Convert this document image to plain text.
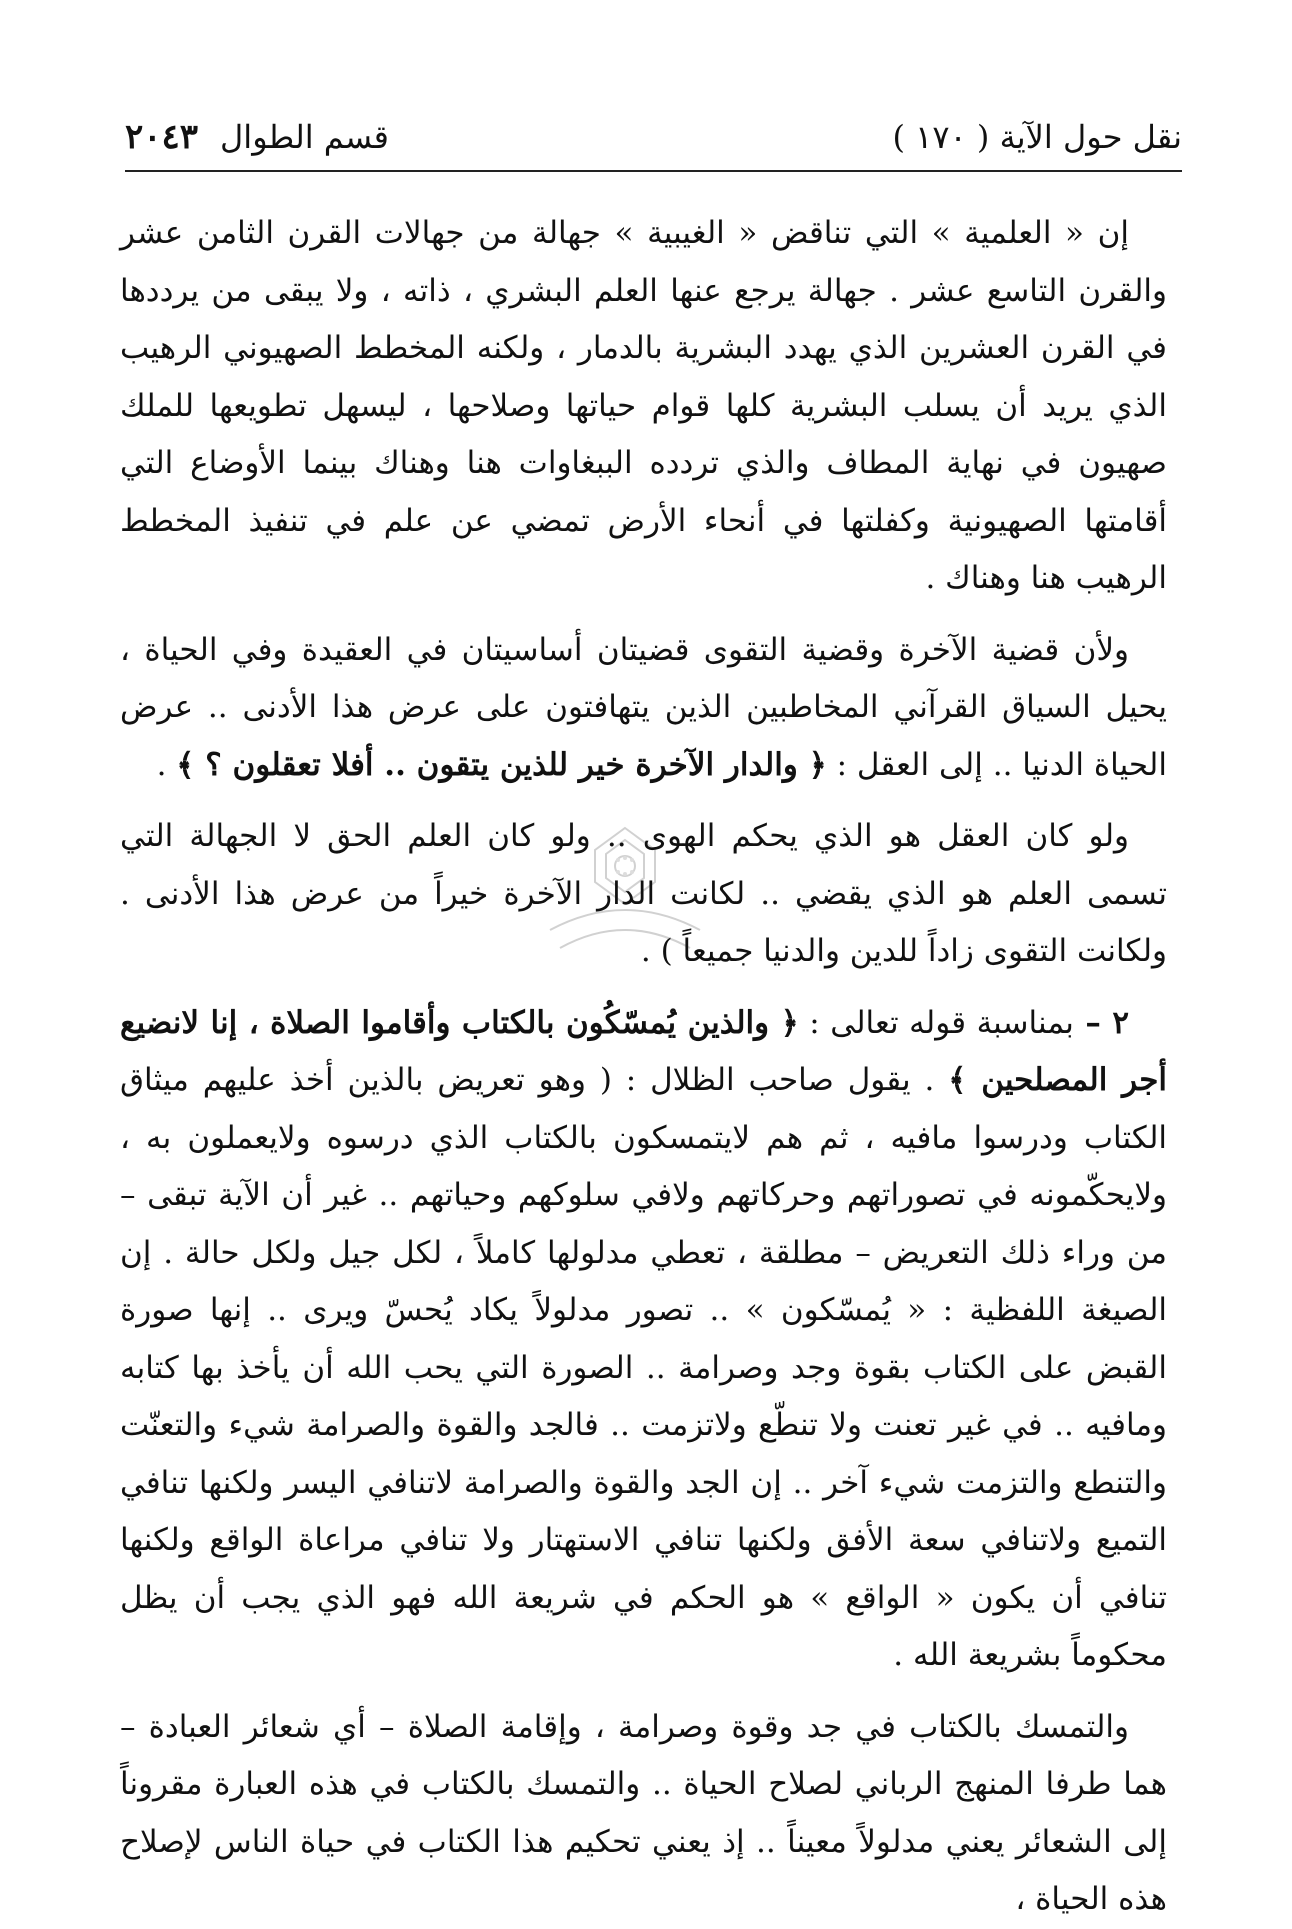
نقل حول الآية ( ١٧٠ )
قسم الطوال
٢٠٤٣

إن « العلمية » التي تناقض « الغيبية » جهالة من جهالات القرن الثامن عشر والقرن التاسع عشر . جهالة يرجع عنها العلم البشري ، ذاته ، ولا يبقى من يرددها في القرن العشرين الذي يهدد البشرية بالدمار ، ولكنه المخطط الصهيوني الرهيب الذي يريد أن يسلب البشرية كلها قوام حياتها وصلاحها ، ليسهل تطويعها للملك صهيون في نهاية المطاف والذي تردده الببغاوات هنا وهناك بينما الأوضاع التي أقامتها الصهيونية وكفلتها في أنحاء الأرض تمضي عن علم في تنفيذ المخطط الرهيب هنا وهناك .

ولأن قضية الآخرة وقضية التقوى قضيتان أساسيتان في العقيدة وفي الحياة ، يحيل السياق القرآني المخاطبين الذين يتهافتون على عرض هذا الأدنى .. عرض الحياة الدنيا .. إلى العقل : ﴿ والدار الآخرة خير للذين يتقون .. أفلا تعقلون ؟ ﴾ .

ولو كان العقل هو الذي يحكم الهوى .. ولو كان العلم الحق لا الجهالة التي تسمى العلم هو الذي يقضي .. لكانت الدار الآخرة خيراً من عرض هذا الأدنى . ولكانت التقوى زاداً للدين والدنيا جميعاً ) .

٢ – بمناسبة قوله تعالى : ﴿ والذين يُمسّكُون بالكتاب وأقاموا الصلاة ، إنا لانضيع أجر المصلحين ﴾ . يقول صاحب الظلال : ( وهو تعريض بالذين أخذ عليهم ميثاق الكتاب ودرسوا مافيه ، ثم هم لايتمسكون بالكتاب الذي درسوه ولايعملون به ، ولايحكّمونه في تصوراتهم وحركاتهم ولافي سلوكهم وحياتهم .. غير أن الآية تبقى – من وراء ذلك التعريض – مطلقة ، تعطي مدلولها كاملاً ، لكل جيل ولكل حالة . إن الصيغة اللفظية : « يُمسّكون » .. تصور مدلولاً يكاد يُحسّ ويرى .. إنها صورة القبض على الكتاب بقوة وجد وصرامة .. الصورة التي يحب الله أن يأخذ بها كتابه ومافيه .. في غير تعنت ولا تنطّع ولاتزمت .. فالجد والقوة والصرامة شيء والتعنّت والتنطع والتزمت شيء آخر .. إن الجد والقوة والصرامة لاتنافي اليسر ولكنها تنافي التميع ولاتنافي سعة الأفق ولكنها تنافي الاستهتار ولا تنافي مراعاة الواقع ولكنها تنافي أن يكون « الواقع » هو الحكم في شريعة الله فهو الذي يجب أن يظل محكوماً بشريعة الله .

والتمسك بالكتاب في جد وقوة وصرامة ، وإقامة الصلاة – أي شعائر العبادة – هما طرفا المنهج الرباني لصلاح الحياة .. والتمسك بالكتاب في هذه العبارة مقروناً إلى الشعائر يعني مدلولاً معيناً .. إذ يعني تحكيم هذا الكتاب في حياة الناس لإصلاح هذه الحياة ،
